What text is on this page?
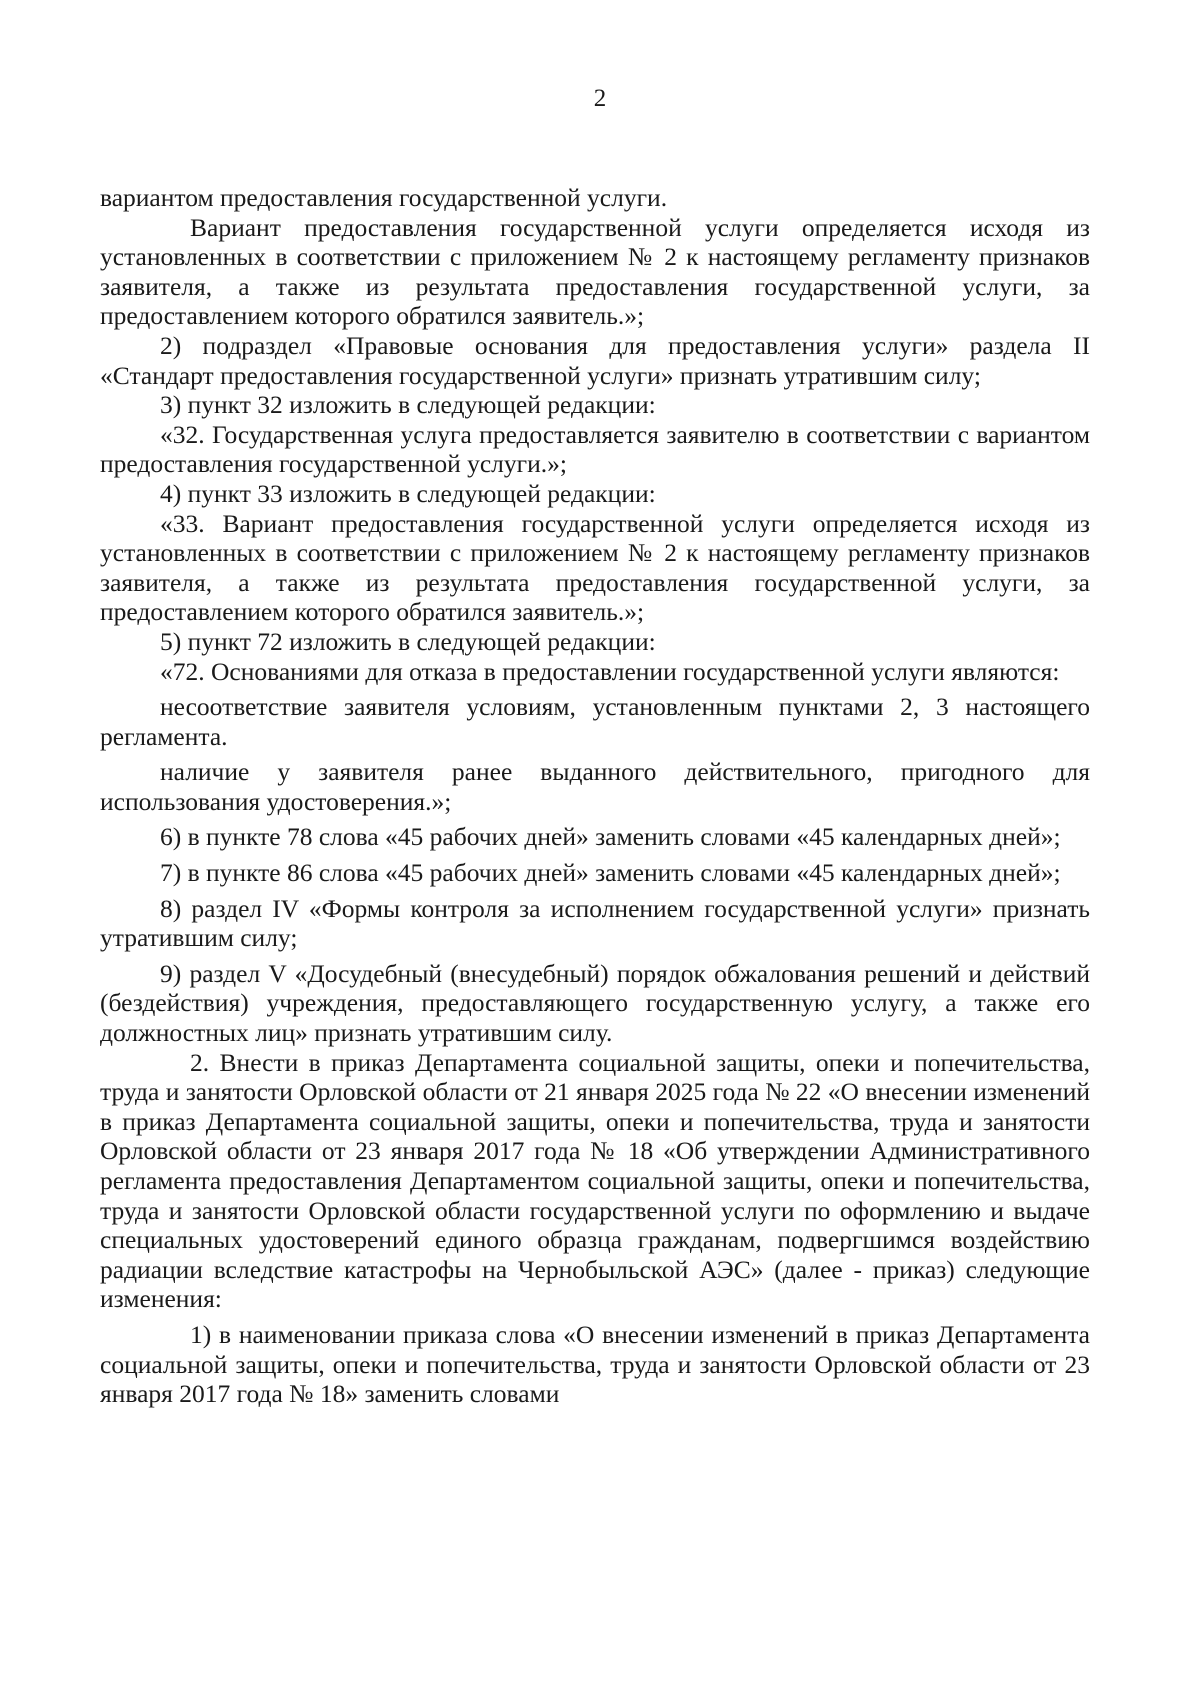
2

вариантом предоставления государственной услуги.

Вариант предоставления государственной услуги определяется исходя из установленных в соответствии с приложением № 2 к настоящему регламенту признаков заявителя, а также из результата предоставления государственной услуги, за предоставлением которого обратился заявитель.»;

2) подраздел «Правовые основания для предоставления услуги» раздела II «Стандарт предоставления государственной услуги» признать утратившим силу;

3) пункт 32 изложить в следующей редакции:

«32. Государственная услуга предоставляется заявителю в соответствии с вариантом предоставления государственной услуги.»;

4) пункт 33 изложить в следующей редакции:

«33. Вариант предоставления государственной услуги определяется исходя из установленных в соответствии с приложением № 2 к настоящему регламенту признаков заявителя, а также из результата предоставления государственной услуги, за предоставлением которого обратился заявитель.»;

5) пункт 72 изложить в следующей редакции:

«72. Основаниями для отказа в предоставлении государственной услуги являются:

несоответствие заявителя условиям, установленным пунктами 2, 3 настоящего регламента.

наличие у заявителя ранее выданного действительного, пригодного для использования удостоверения.»;

6) в пункте 78 слова «45 рабочих дней» заменить словами «45 календарных дней»;

7) в пункте 86 слова «45 рабочих дней» заменить словами «45 календарных дней»;

8) раздел IV «Формы контроля за исполнением государственной услуги» признать утратившим силу;

9) раздел V «Досудебный (внесудебный) порядок обжалования решений и действий (бездействия) учреждения, предоставляющего государственную услугу, а также его должностных лиц» признать утратившим силу.

2. Внести в приказ Департамента социальной защиты, опеки и попечительства, труда и занятости Орловской области от 21 января 2025 года № 22 «О внесении изменений в приказ Департамента социальной защиты, опеки и попечительства, труда и занятости Орловской области от 23 января 2017 года № 18 «Об утверждении Административного регламента предоставления Департаментом социальной защиты, опеки и попечительства, труда и занятости Орловской области государственной услуги по оформлению и выдаче специальных удостоверений единого образца гражданам, подвергшимся воздействию радиации вследствие катастрофы на Чернобыльской АЭС» (далее - приказ) следующие изменения:

1) в наименовании приказа слова «О внесении изменений в приказ Департамента социальной защиты, опеки и попечительства, труда и занятости Орловской области от 23 января 2017 года № 18» заменить словами
